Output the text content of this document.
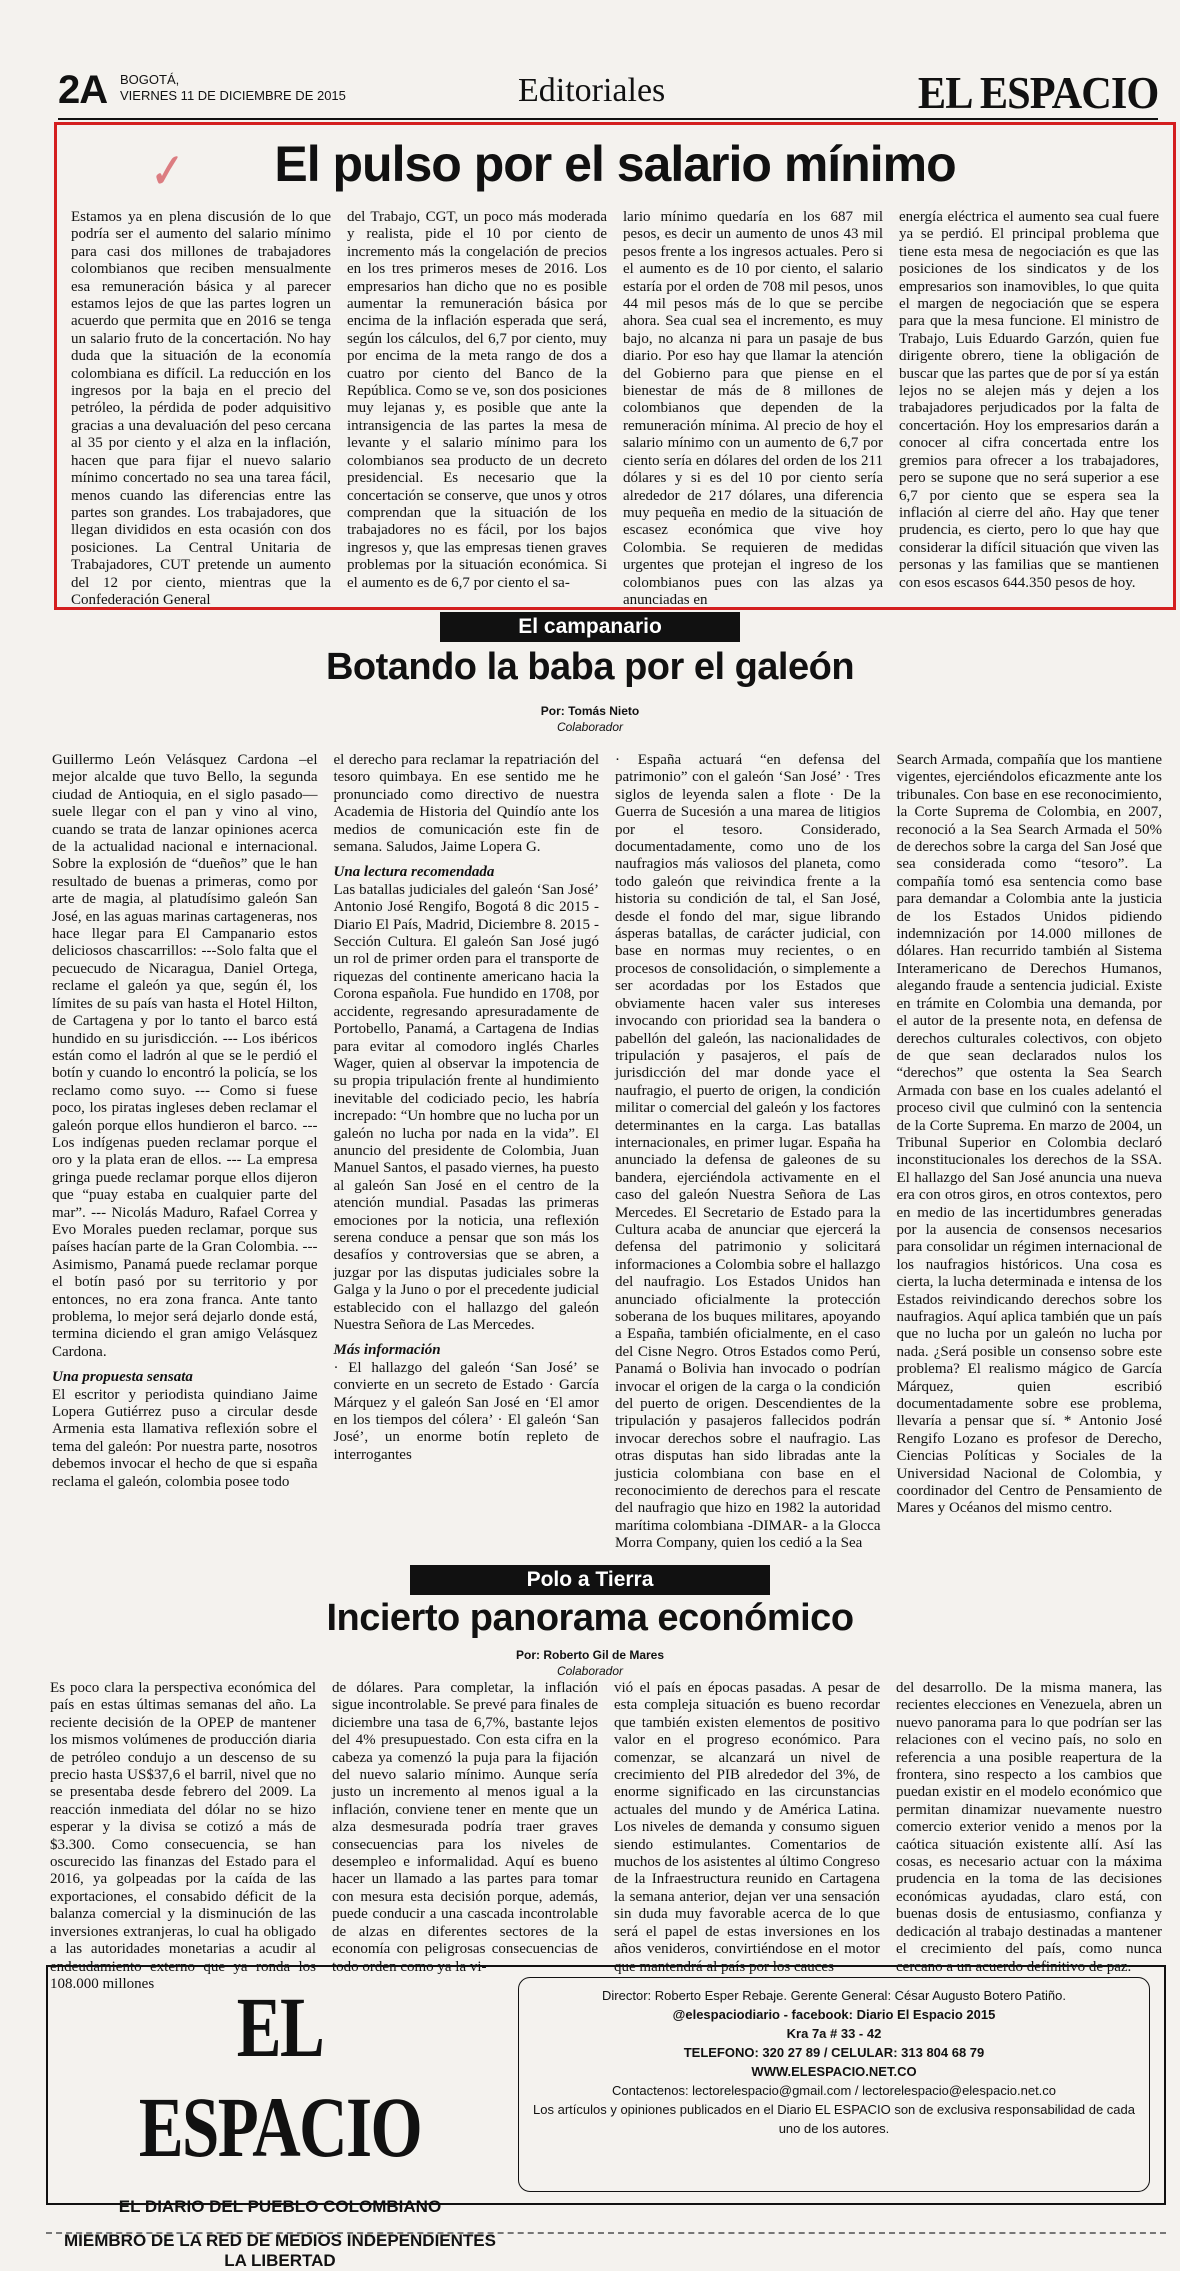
2A BOGOTÁ,
VIERNES 11 DE DICIEMBRE DE 2015	Editoriales	EL ESPACIO
✓	El pulso por el salario mínimo

Estamos ya en plena discusión de lo que podría ser el aumento del salario mínimo para casi dos millones de trabajadores colombianos que reciben mensualmente esa remuneración básica y al parecer estamos lejos de que las partes logren un acuerdo que permita que en 2016 se tenga un salario fruto de la concertación. No hay duda que la situación de la economía colombiana es difícil. La reducción en los ingresos por la baja en el precio del petróleo, la pérdida de poder adquisitivo gracias a una devaluación del peso cercana al 35 por ciento y el alza en la inflación, hacen que para fijar el nuevo salario mínimo concertado no sea una tarea fácil, menos cuando las diferencias entre las partes son grandes. Los trabajadores, que llegan divididos en esta ocasión con dos posiciones. La Central Unitaria de Trabajadores, CUT pretende un aumento del 12 por ciento, mientras que la Confederación General

del Trabajo, CGT, un poco más moderada y realista, pide el 10 por ciento de incremento más la congelación de precios en los tres primeros meses de 2016. Los empresarios han dicho que no es posible aumentar la remuneración básica por encima de la inflación esperada que será, según los cálculos, del 6,7 por ciento, muy por encima de la meta rango de dos a cuatro por ciento del Banco de la República. Como se ve, son dos posiciones muy lejanas y, es posible que ante la intransigencia de las partes la mesa de levante y el salario mínimo para los colombianos sea producto de un decreto presidencial. Es necesario que la concertación se conserve, que unos y otros comprendan que la situación de los trabajadores no es fácil, por los bajos ingresos y, que las empresas tienen graves problemas por la situación económica. Si el aumento es de 6,7 por ciento el sa-

lario mínimo quedaría en los 687 mil pesos, es decir un aumento de unos 43 mil pesos frente a los ingresos actuales. Pero si el aumento es de 10 por ciento, el salario estaría por el orden de 708 mil pesos, unos 44 mil pesos más de lo que se percibe ahora. Sea cual sea el incremento, es muy bajo, no alcanza ni para un pasaje de bus diario. Por eso hay que llamar la atención del Gobierno para que piense en el bienestar de más de 8 millones de colombianos que dependen de la remuneración mínima. Al precio de hoy el salario mínimo con un aumento de 6,7 por ciento sería en dólares del orden de los 211 dólares y si es del 10 por ciento sería alrededor de 217 dólares, una diferencia muy pequeña en medio de la situación de escasez económica que vive hoy Colombia. Se requieren de medidas urgentes que protejan el ingreso de los colombianos pues con las alzas ya anunciadas en

energía eléctrica el aumento sea cual fuere ya se perdió. El principal problema que tiene esta mesa de negociación es que las posiciones de los sindicatos y de los empresarios son inamovibles, lo que quita el margen de negociación que se espera para que la mesa funcione. El ministro de Trabajo, Luis Eduardo Garzón, quien fue dirigente obrero, tiene la obligación de buscar que las partes que de por sí ya están lejos no se alejen más y dejen a los trabajadores perjudicados por la falta de concertación. Hoy los empresarios darán a conocer al cifra concertada entre los gremios para ofrecer a los trabajadores, pero se supone que no será superior a ese 6,7 por ciento que se espera sea la inflación al cierre del año. Hay que tener prudencia, es cierto, pero lo que hay que considerar la difícil situación que viven las personas y las familias que se mantienen con esos escasos 644.350 pesos de hoy.

El campanario
Botando la baba por el galeón
Por: Tomás Nieto
Colaborador

Guillermo León Velásquez Cardona –el mejor alcalde que tuvo Bello, la segunda ciudad de Antioquia, en el siglo pasado—suele llegar con el pan y vino al vino, cuando se trata de lanzar opiniones acerca de la actualidad nacional e internacional. Sobre la explosión de “dueños” que le han resultado de buenas a primeras, como por arte de magia, al platudísimo galeón San José, en las aguas marinas cartageneras, nos hace llegar para El Campanario estos deliciosos chascarrillos: ---Solo falta que el pecuecudo de Nicaragua, Daniel Ortega, reclame el galeón ya que, según él, los límites de su país van hasta el Hotel Hilton, de Cartagena y por lo tanto el barco está hundido en su jurisdicción. --- Los ibéricos están como el ladrón al que se le perdió el botín y cuando lo encontró la policía, se los reclamo como suyo. --- Como si fuese poco, los piratas ingleses deben reclamar el galeón porque ellos hundieron el barco. --- Los indígenas pueden reclamar porque el oro y la plata eran de ellos. --- La empresa gringa puede reclamar porque ellos dijeron que “puay estaba en cualquier parte del mar”. --- Nicolás Maduro, Rafael Correa y Evo Morales pueden reclamar, porque sus países hacían parte de la Gran Colombia. --- Asimismo, Panamá puede reclamar porque el botín pasó por su territorio y por entonces, no era zona franca. Ante tanto problema, lo mejor será dejarlo donde está, termina diciendo el gran amigo Velásquez Cardona.

Una propuesta sensata

El escritor y periodista quindiano Jaime Lopera Gutiérrez puso a circular desde Armenia esta llamativa reflexión sobre el tema del galeón: Por nuestra parte, nosotros debemos invocar el hecho de que si españa reclama el galeón, colombia posee todo

el derecho para reclamar la repatriación del tesoro quimbaya. En ese sentido me he pronunciado como directivo de nuestra Academia de Historia del Quindío ante los medios de comunicación este fin de semana. Saludos, Jaime Lopera G.

Una lectura recomendada

Las batallas judiciales del galeón ‘San José’ Antonio José Rengifo, Bogotá 8 dic 2015 - Diario El País, Madrid, Diciembre 8. 2015 - Sección Cultura. El galeón San José jugó un rol de primer orden para el transporte de riquezas del continente americano hacia la Corona española. Fue hundido en 1708, por accidente, regresando apresuradamente de Portobello, Panamá, a Cartagena de Indias para evitar al comodoro inglés Charles Wager, quien al observar la impotencia de su propia tripulación frente al hundimiento inevitable del codiciado pecio, les habría increpado: “Un hombre que no lucha por un galeón no lucha por nada en la vida”. El anuncio del presidente de Colombia, Juan Manuel Santos, el pasado viernes, ha puesto al galeón San José en el centro de la atención mundial. Pasadas las primeras emociones por la noticia, una reflexión serena conduce a pensar que son más los desafíos y controversias que se abren, a juzgar por las disputas judiciales sobre la Galga y la Juno o por el precedente judicial establecido con el hallazgo del galeón Nuestra Señora de Las Mercedes.

Más información

· El hallazgo del galeón ‘San José’ se convierte en un secreto de Estado · García Márquez y el galeón San José en ‘El amor en los tiempos del cólera’ · El galeón ‘San José’, un enorme botín repleto de interrogantes

· España actuará “en defensa del patrimonio” con el galeón ‘San José’ · Tres siglos de leyenda salen a flote · De la Guerra de Sucesión a una marea de litigios por el tesoro. Considerado, documentadamente, como uno de los naufragios más valiosos del planeta, como todo galeón que reivindica frente a la historia su condición de tal, el San José, desde el fondo del mar, sigue librando ásperas batallas, de carácter judicial, con base en normas muy recientes, o en procesos de consolidación, o simplemente a ser acordadas por los Estados que obviamente hacen valer sus intereses invocando con prioridad sea la bandera o pabellón del galeón, las nacionalidades de tripulación y pasajeros, el país de jurisdicción del mar donde yace el naufragio, el puerto de origen, la condición militar o comercial del galeón y los factores determinantes en la carga. Las batallas internacionales, en primer lugar. España ha anunciado la defensa de galeones de su bandera, ejerciéndola activamente en el caso del galeón Nuestra Señora de Las Mercedes. El Secretario de Estado para la Cultura acaba de anunciar que ejercerá la defensa del patrimonio y solicitará informaciones a Colombia sobre el hallazgo del naufragio. Los Estados Unidos han anunciado oficialmente la protección soberana de los buques militares, apoyando a España, también oficialmente, en el caso del Cisne Negro. Otros Estados como Perú, Panamá o Bolivia han invocado o podrían invocar el origen de la carga o la condición del puerto de origen. Descendientes de la tripulación y pasajeros fallecidos podrán invocar derechos sobre el naufragio. Las otras disputas han sido libradas ante la justicia colombiana con base en el reconocimiento de derechos para el rescate del naufragio que hizo en 1982 la autoridad marítima colombiana -DIMAR- a la Glocca Morra Company, quien los cedió a la Sea

Search Armada, compañía que los mantiene vigentes, ejerciéndolos eficazmente ante los tribunales. Con base en ese reconocimiento, la Corte Suprema de Colombia, en 2007, reconoció a la Sea Search Armada el 50% de derechos sobre la carga del San José que sea considerada como “tesoro”. La compañía tomó esa sentencia como base para demandar a Colombia ante la justicia de los Estados Unidos pidiendo indemnización por 14.000 millones de dólares. Han recurrido también al Sistema Interamericano de Derechos Humanos, alegando fraude a sentencia judicial. Existe en trámite en Colombia una demanda, por el autor de la presente nota, en defensa de derechos culturales colectivos, con objeto de que sean declarados nulos los “derechos” que ostenta la Sea Search Armada con base en los cuales adelantó el proceso civil que culminó con la sentencia de la Corte Suprema. En marzo de 2004, un Tribunal Superior en Colombia declaró inconstitucionales los derechos de la SSA. El hallazgo del San José anuncia una nueva era con otros giros, en otros contextos, pero en medio de las incertidumbres generadas por la ausencia de consensos necesarios para consolidar un régimen internacional de los naufragios históricos. Una cosa es cierta, la lucha determinada e intensa de los Estados reivindicando derechos sobre los naufragios. Aquí aplica también que un país que no lucha por un galeón no lucha por nada. ¿Será posible un consenso sobre este problema? El realismo mágico de García Márquez, quien escribió documentadamente sobre ese problema, llevaría a pensar que sí. * Antonio José Rengifo Lozano es profesor de Derecho, Ciencias Políticas y Sociales de la Universidad Nacional de Colombia, y coordinador del Centro de Pensamiento de Mares y Océanos del mismo centro.

Polo a Tierra
Incierto panorama económico
Por: Roberto Gil de Mares
Colaborador

Es poco clara la perspectiva económica del país en estas últimas semanas del año. La reciente decisión de la OPEP de mantener los mismos volúmenes de producción diaria de petróleo condujo a un descenso de su precio hasta US$37,6 el barril, nivel que no se presentaba desde febrero del 2009. La reacción inmediata del dólar no se hizo esperar y la divisa se cotizó a más de $3.300. Como consecuencia, se han oscurecido las finanzas del Estado para el 2016, ya golpeadas por la caída de las exportaciones, el consabido déficit de la balanza comercial y la disminución de las inversiones extranjeras, lo cual ha obligado a las autoridades monetarias a acudir al endeudamiento externo que ya ronda los 108.000 millones

de dólares. Para completar, la inflación sigue incontrolable. Se prevé para finales de diciembre una tasa de 6,7%, bastante lejos del 4% presupuestado. Con esta cifra en la cabeza ya comenzó la puja para la fijación del nuevo salario mínimo. Aunque sería justo un incremento al menos igual a la inflación, conviene tener en mente que un alza desmesurada podría traer graves consecuencias para los niveles de desempleo e informalidad. Aquí es bueno hacer un llamado a las partes para tomar con mesura esta decisión porque, además, puede conducir a una cascada incontrolable de alzas en diferentes sectores de la economía con peligrosas consecuencias de todo orden como ya la vi-

vió el país en épocas pasadas. A pesar de esta compleja situación es bueno recordar que también existen elementos de positivo valor en el progreso económico. Para comenzar, se alcanzará un nivel de crecimiento del PIB alrededor del 3%, de enorme significado en las circunstancias actuales del mundo y de América Latina. Los niveles de demanda y consumo siguen siendo estimulantes. Comentarios de muchos de los asistentes al último Congreso de la Infraestructura reunido en Cartagena la semana anterior, dejan ver una sensación sin duda muy favorable acerca de lo que será el papel de estas inversiones en los años venideros, convirtiéndose en el motor que mantendrá al país por los cauces

del desarrollo. De la misma manera, las recientes elecciones en Venezuela, abren un nuevo panorama para lo que podrían ser las relaciones con el vecino país, no solo en referencia a una posible reapertura de la frontera, sino respecto a los cambios que puedan existir en el modelo económico que permitan dinamizar nuevamente nuestro comercio exterior venido a menos por la caótica situación existente allí. Así las cosas, es necesario actuar con la máxima prudencia en la toma de las decisiones económicas ayudadas, claro está, con buenas dosis de entusiasmo, confianza y dedicación al trabajo destinadas a mantener el crecimiento del país, como nunca cercano a un acuerdo definitivo de paz.

EL ESPACIO
EL DIARIO DEL PUEBLO COLOMBIANO
MIEMBRO DE LA RED DE MEDIOS INDEPENDIENTES LA LIBERTAD
Director: Roberto Esper Rebaje. Gerente General: César Augusto Botero Patiño.
@elespaciodiario - facebook: Diario El Espacio 2015
Kra 7a # 33 - 42
TELEFONO: 320 27 89 / CELULAR: 313 804 68 79
WWW.ELESPACIO.NET.CO
Contactenos: lectorelespacio@gmail.com / lectorelespacio@elespacio.net.co
Los artículos y opiniones publicados en el Diario EL ESPACIO son de exclusiva responsabilidad de cada uno de los autores.
